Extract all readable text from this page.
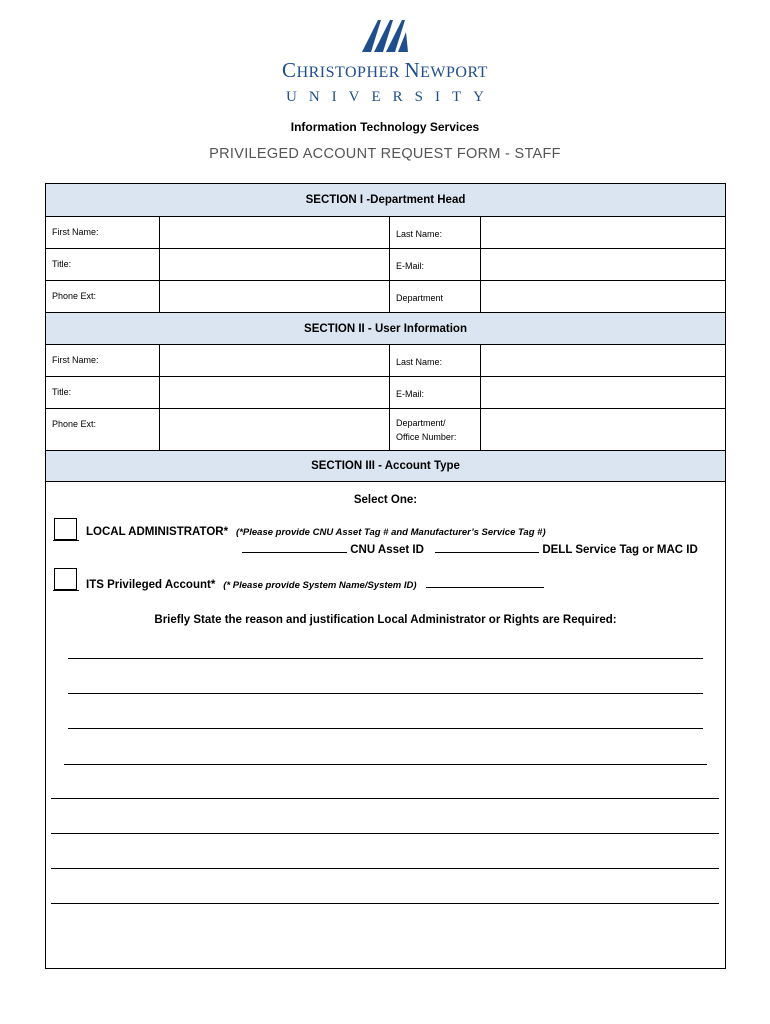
CHRISTOPHER NEWPORT
UNIVERSITY
Information Technology Services
PRIVILEGED ACCOUNT REQUEST FORM - STAFF
SECTION I -Department Head
First Name:	Last Name:
Title:	E-Mail:
Phone Ext:	Department
SECTION II - User Information
First Name:	Last Name:
Title:	E-Mail:
Phone Ext:	Department/
Office Number:
SECTION III - Account Type
Select One:
LOCAL ADMINISTRATOR* (*Please provide CNU Asset Tag # and Manufacturer’s Service Tag #)
CNU Asset ID	DELL Service Tag or MAC ID
ITS Privileged Account* (* Please provide System Name/System ID)
Briefly State the reason and justification Local Administrator or Rights are Required:
